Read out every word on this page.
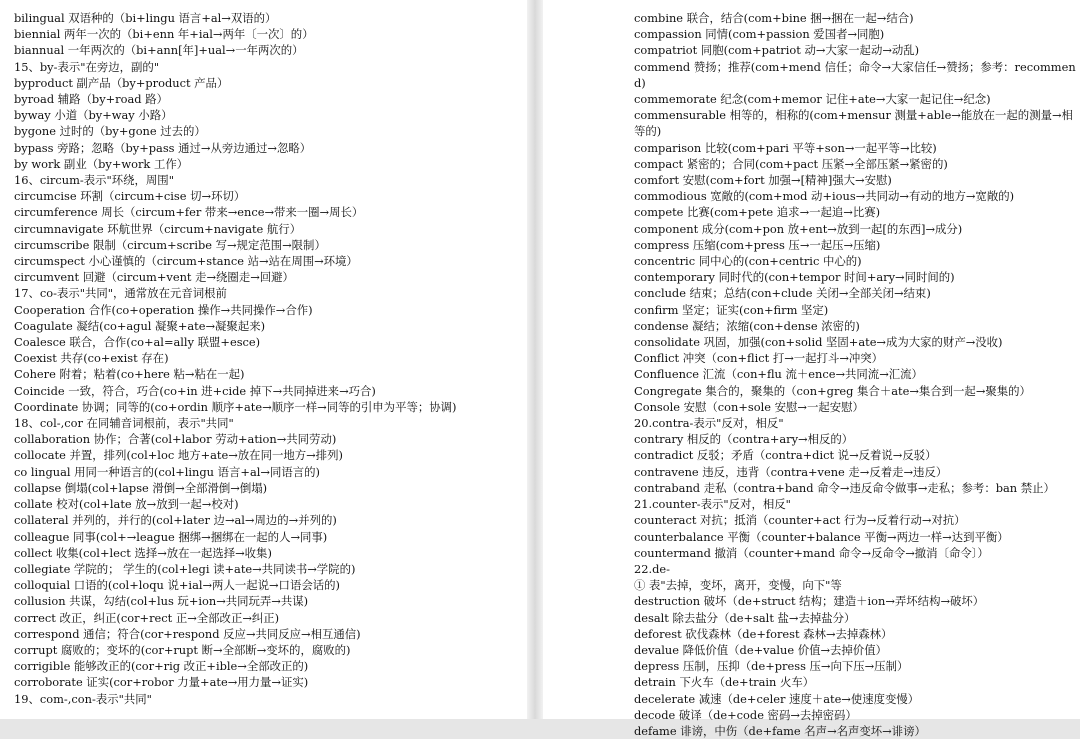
bilingual 双语种的（bi+lingu 语言+al→双语的）
biennial 两年一次的（bi+enn 年+ial→两年〔一次〕的）
biannual 一年两次的（bi+ann[年]+ual→一年两次的）
15、by-表示"在旁边，副的"
byproduct 副产品（by+product 产品）
byroad 辅路（by+road 路）
byway 小道（by+way 小路）
bygone 过时的（by+gone 过去的）
bypass 旁路；忽略（by+pass 通过→从旁边通过→忽略）
by work 副业（by+work 工作）
16、circum-表示"环绕，周围"
circumcise 环割（circum+cise 切→环切）
circumference 周长（circum+fer 带来→ence→带来一圈→周长）
circumnavigate 环航世界（circum+navigate 航行）
circumscribe 限制（circum+scribe 写→规定范围→限制）
circumspect 小心谨慎的（circum+stance 站→站在周围→环境）
circumvent 回避（circum+vent 走→绕圈走→回避）
17、co-表示"共同"，通常放在元音词根前
Cooperation 合作(co+operation 操作→共同操作→合作)
Coagulate 凝结(co+agul 凝聚+ate→凝聚起来)
Coalesce 联合，合作(co+al=ally 联盟+esce)
Coexist 共存(co+exist 存在)
Cohere 附着；粘着(co+here 粘→粘在一起)
Coincide 一致，符合，巧合(co+in 进+cide 掉下→共同掉进来→巧合)
Coordinate 协调；同等的(co+ordin 顺序+ate→顺序一样→同等的引申为平等；协调)
18、col-,cor 在同辅音词根前，表示"共同"
collaboration 协作；合著(col+labor 劳动+ation→共同劳动)
collocate 并置，排列(col+loc 地方+ate→放在同一地方→排列)
co lingual 用同一种语言的(col+lingu 语言+al→同语言的)
collapse 倒塌(col+lapse 滑倒→全部滑倒→倒塌)
collate 校对(col+late 放→放到一起→校对)
collateral 并列的，并行的(col+later 边→al→周边的→并列的)
colleague 同事(col+→league 捆绑→捆绑在一起的人→同事)
collect 收集(col+lect 选择→放在一起选择→收集)
collegiate 学院的； 学生的(col+legi 读+ate→共同读书→学院的)
colloquial 口语的(col+loqu 说+ial→两人一起说→口语会话的)
collusion 共谋，勾结(col+lus 玩+ion→共同玩弄→共谋)
correct 改正，纠正(cor+rect 正→全部改正→纠正)
correspond 通信；符合(cor+respond 反应→共同反应→相互通信)
corrupt 腐败的；变坏的(cor+rupt 断→全部断→变坏的，腐败的)
corrigible 能够改正的(cor+rig 改正+ible→全部改正的)
corroborate 证实(cor+robor 力量+ate→用力量→证实)
19、com-,con-表示"共同"
combine 联合，结合(com+bine 捆→捆在一起→结合)
compassion 同情(com+passion 爱国者→同胞)
compatriot 同胞(com+patriot 动→大家一起动→动乱)
commend 赞扬；推荐(com+mend 信任；命令→大家信任→赞扬；参考：recommend)
commemorate 纪念(com+memor 记住+ate→大家一起记住→纪念)
commensurable 相等的，相称的(com+mensur 测量+able→能放在一起的测量→相等的)
comparison 比较(com+pari 平等+son→一起平等→比较)
compact 紧密的；合同(com+pact 压紧→全部压紧→紧密的)
comfort 安慰(com+fort 加强→[精神]强大→安慰)
commodious 宽敞的(com+mod 动+ious→共同动→有动的地方→宽敞的)
compete 比赛(com+pete 追求→一起追→比赛)
component 成分(com+pon 放+ent→放到一起[的东西]→成分)
compress 压缩(com+press 压→一起压→压缩)
concentric 同中心的(con+centric 中心的)
contemporary 同时代的(con+tempor 时间+ary→同时间的)
conclude 结束；总结(con+clude 关闭→全部关闭→结束)
confirm 坚定；证实(con+firm 坚定)
condense 凝结；浓缩(con+dense 浓密的)
consolidate 巩固，加强(con+solid 坚固+ate→成为大家的财产→没收)
Conflict 冲突（con+flict 打→一起打斗→冲突）
Confluence 汇流（con+flu 流＋ence→共同流→汇流）
Congregate 集合的，聚集的（con+greg 集合＋ate→集合到一起→聚集的）
Console 安慰（con+sole 安慰→一起安慰）
20.contra-表示"反对，相反"
contrary 相反的（contra+ary→相反的）
contradict 反驳；矛盾（contra+dict 说→反着说→反驳）
contravene 违反，违背（contra+vene 走→反着走→违反）
contraband 走私（contra+band 命令→违反命令做事→走私；参考：ban 禁止）
21.counter-表示"反对，相反"
counteract 对抗；抵消（counter+act 行为→反着行动→对抗）
counterbalance 平衡（counter+balance 平衡→两边一样→达到平衡）
countermand 撤消（counter+mand 命令→反命令→撤消〔命令〕）
22.de-
① 表"去掉，变坏，离开，变慢，向下"等
destruction 破坏（de+struct 结构；建造＋ion→弄坏结构→破坏）
desalt 除去盐分（de+salt 盐→去掉盐分）
deforest 砍伐森林（de+forest 森林→去掉森林）
devalue 降低价值（de+value 价值→去掉价值）
depress 压制，压抑（de+press 压→向下压→压制）
detrain 下火车（de+train 火车）
decelerate 减速（de+celer 速度＋ate→使速度变慢）
decode 破译（de+code 密码→去掉密码）
defame 诽谤，中伤（de+fame 名声→名声变坏→诽谤）
